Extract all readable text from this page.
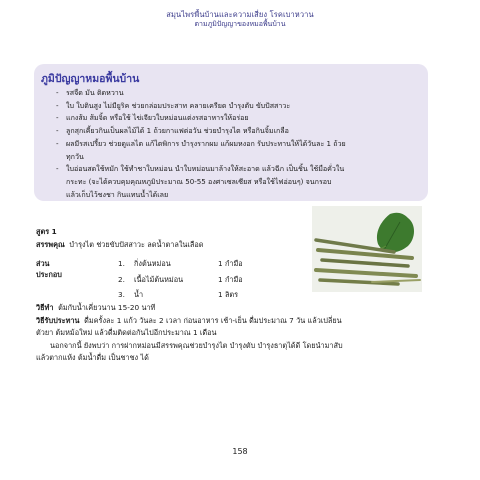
สมุนไพรพื้นบ้านและความเสี่ยง โรคเบาหวาน
ตามภูมิปัญญาของหมอพื้นบ้าน
ภูมิปัญญาหมอพื้นบ้าน
- รสจืด มัน ติดหวาน
- ใบ ใบตินสูง ไม่มียูริค ช่วยกล่อมประสาท คลายเครียด บำรุงตับ ขับปัสสาวะ
- แกงส้ม ส้มจิ้ด หรือใช้ ไข่เจียวใบหม่อนแต่งรสอาหารให้อร่อย
- ลูกสุกเคี้ยวกินเป็นผลไม้ได้ 1 ถ้วยกาแฟต่อวัน ช่วยบำรุงไต หรือกินจิ้มเกลือ
- ผลมีรสเปรี้ยว ช่วยดูแลไต แก้ไตพิการ บำรุงรากผม แก้ผมหงอก รับประทานให้ได้วันละ 1 ถ้วย
ทุกวัน
- ใบอ่อนสดใช้หมัก ใช้ทำชาใบหม่อน นำใบหม่อนมาล้างให้สะอาด แล้วฉีก เป็นชิ้น ใช้มือคั่วใน
กระทะ (จะได้ควบคุมคุณหภูมิประมาณ 50-55 องศาเซลเซียส หรือใช้ไฟอ่อนๆ) จนกรอบ
แล้วเก็บไว้ชงชา กินแทนน้ำได้เลย
สูตร 1
สรรพคุณ บำรุงไต ช่วยขับปัสสาวะ ลดน้ำตาลในเลือด
ส่วนประกอบ
1. กิ่งต้นหม่อน	1 กำมือ
2. เนื้อไม้ต้นหม่อน	1 กำมือ
3. น้ำ	1 ลิตร
วิธีทำ ต้มกับน้ำเคี่ยวนาน 15-20 นาที
วิธีรับประทาน ดื่มครั้งละ 1 แก้ว วันละ 2 เวลา ก่อนอาหาร เช้า-เย็น ดื่มประมาณ 7 วัน แล้วเปลี่ยน
ตัวยา ต้มหม้อใหม่ แล้วดื่มติดต่อกันไปอีกประมาณ 1 เดือน
นอกจากนี้ ยังพบว่า การฝากหม่อนมีสรรพคุณช่วยบำรุงไต บำรุงตับ บำรุงธาตุได้ดี โดยนำมาสับ
แล้วตากแห้ง ต้มน้ำดื่ม เป็นชาชง ได้
158
